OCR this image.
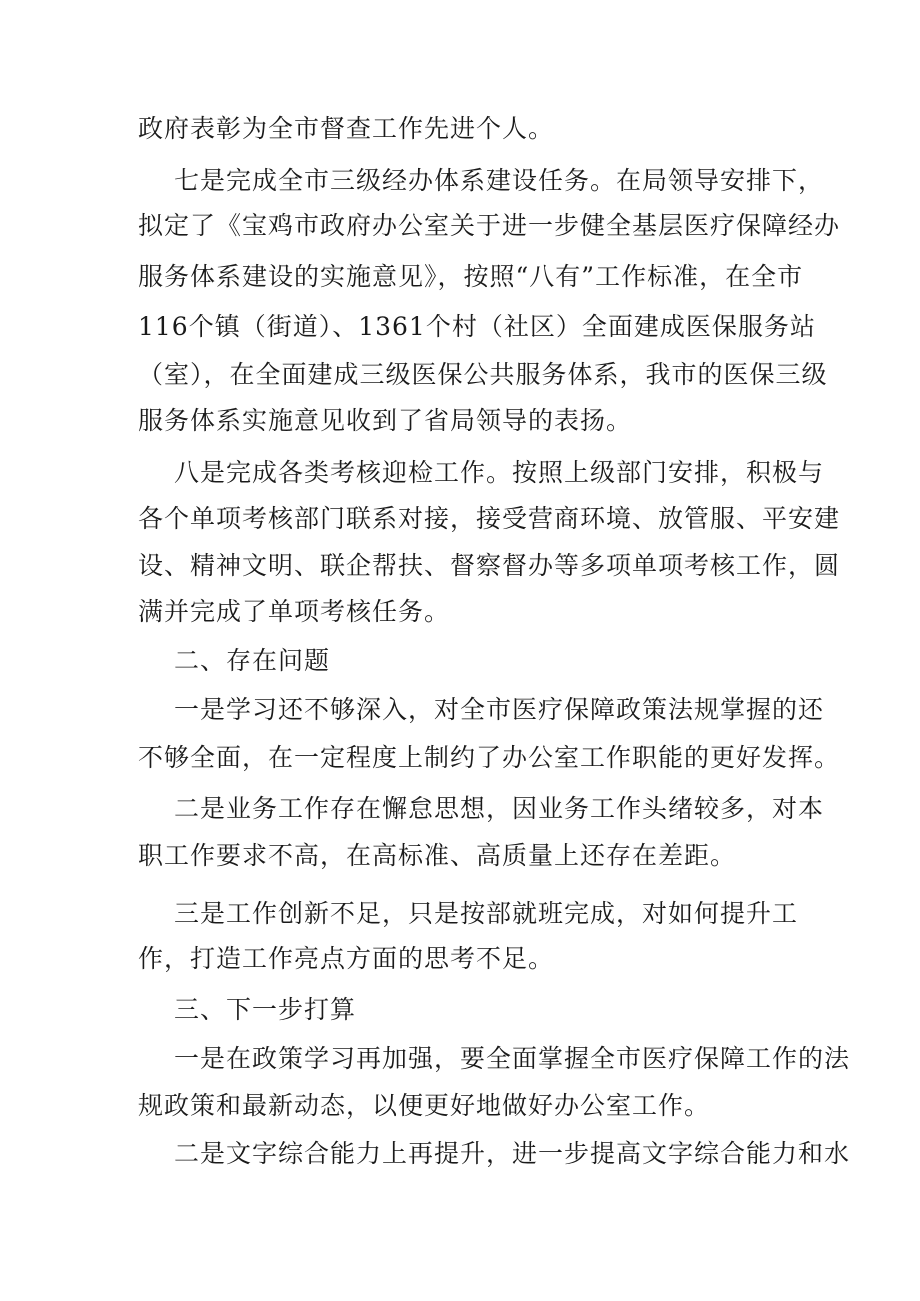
政府表彰为全市督查工作先进个人。

七是完成全市三级经办体系建设任务。在局领导安排下，

拟定了《宝鸡市政府办公室关于进一步健全基层医疗保障经办

服务体系建设的实施意见》，按照“八有”工作标准，在全市

116个镇（街道）、1361个村（社区）全面建成医保服务站

（室），在全面建成三级医保公共服务体系，我市的医保三级

服务体系实施意见收到了省局领导的表扬。

八是完成各类考核迎检工作。按照上级部门安排，积极与

各个单项考核部门联系对接，接受营商环境、放管服、平安建

设、精神文明、联企帮扶、督察督办等多项单项考核工作，圆

满并完成了单项考核任务。

二、存在问题

一是学习还不够深入，对全市医疗保障政策法规掌握的还

不够全面，在一定程度上制约了办公室工作职能的更好发挥。

二是业务工作存在懈怠思想，因业务工作头绪较多，对本

职工作要求不高，在高标准、高质量上还存在差距。

三是工作创新不足，只是按部就班完成，对如何提升工

作，打造工作亮点方面的思考不足。

三、下一步打算

一是在政策学习再加强，要全面掌握全市医疗保障工作的法

规政策和最新动态，以便更好地做好办公室工作。

二是文字综合能力上再提升，进一步提高文字综合能力和水
